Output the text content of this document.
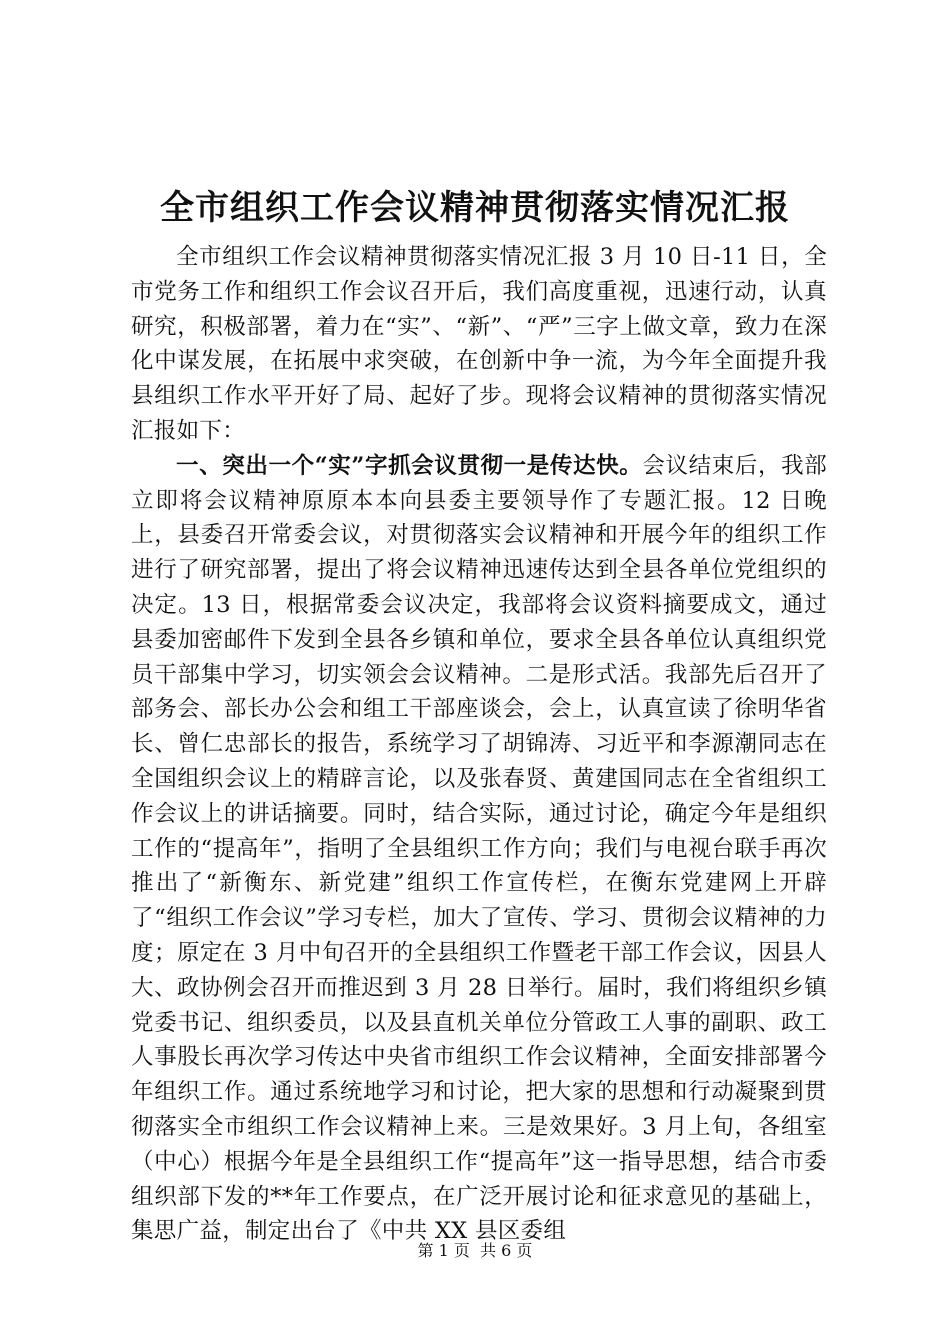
全市组织工作会议精神贯彻落实情况汇报

全市组织工作会议精神贯彻落实情况汇报 3 月 10 日-11 日，全市党务工作和组织工作会议召开后，我们高度重视，迅速行动，认真研究，积极部署，着力在“实”、“新”、“严”三字上做文章，致力在深化中谋发展，在拓展中求突破，在创新中争一流，为今年全面提升我县组织工作水平开好了局、起好了步。现将会议精神的贯彻落实情况汇报如下：

一、突出一个“实”字抓会议贯彻一是传达快。会议结束后，我部立即将会议精神原原本本向县委主要领导作了专题汇报。12 日晚上，县委召开常委会议，对贯彻落实会议精神和开展今年的组织工作进行了研究部署，提出了将会议精神迅速传达到全县各单位党组织的决定。13 日，根据常委会议决定，我部将会议资料摘要成文，通过县委加密邮件下发到全县各乡镇和单位，要求全县各单位认真组织党员干部集中学习，切实领会会议精神。二是形式活。我部先后召开了部务会、部长办公会和组工干部座谈会，会上，认真宣读了徐明华省长、曾仁忠部长的报告，系统学习了胡锦涛、习近平和李源潮同志在全国组织会议上的精辟言论，以及张春贤、黄建国同志在全省组织工作会议上的讲话摘要。同时，结合实际，通过讨论，确定今年是组织工作的“提高年”，指明了全县组织工作方向；我们与电视台联手再次推出了“新衡东、新党建”组织工作宣传栏，在衡东党建网上开辟了“组织工作会议”学习专栏，加大了宣传、学习、贯彻会议精神的力度；原定在 3 月中旬召开的全县组织工作暨老干部工作会议，因县人大、政协例会召开而推迟到 3 月 28 日举行。届时，我们将组织乡镇党委书记、组织委员，以及县直机关单位分管政工人事的副职、政工人事股长再次学习传达中央省市组织工作会议精神，全面安排部署今年组织工作。通过系统地学习和讨论，把大家的思想和行动凝聚到贯彻落实全市组织工作会议精神上来。三是效果好。3 月上旬，各组室（中心）根据今年是全县组织工作“提高年”这一指导思想，结合市委组织部下发的**年工作要点，在广泛开展讨论和征求意见的基础上，集思广益，制定出台了《中共 XX 县区委组

第 1 页  共 6 页
